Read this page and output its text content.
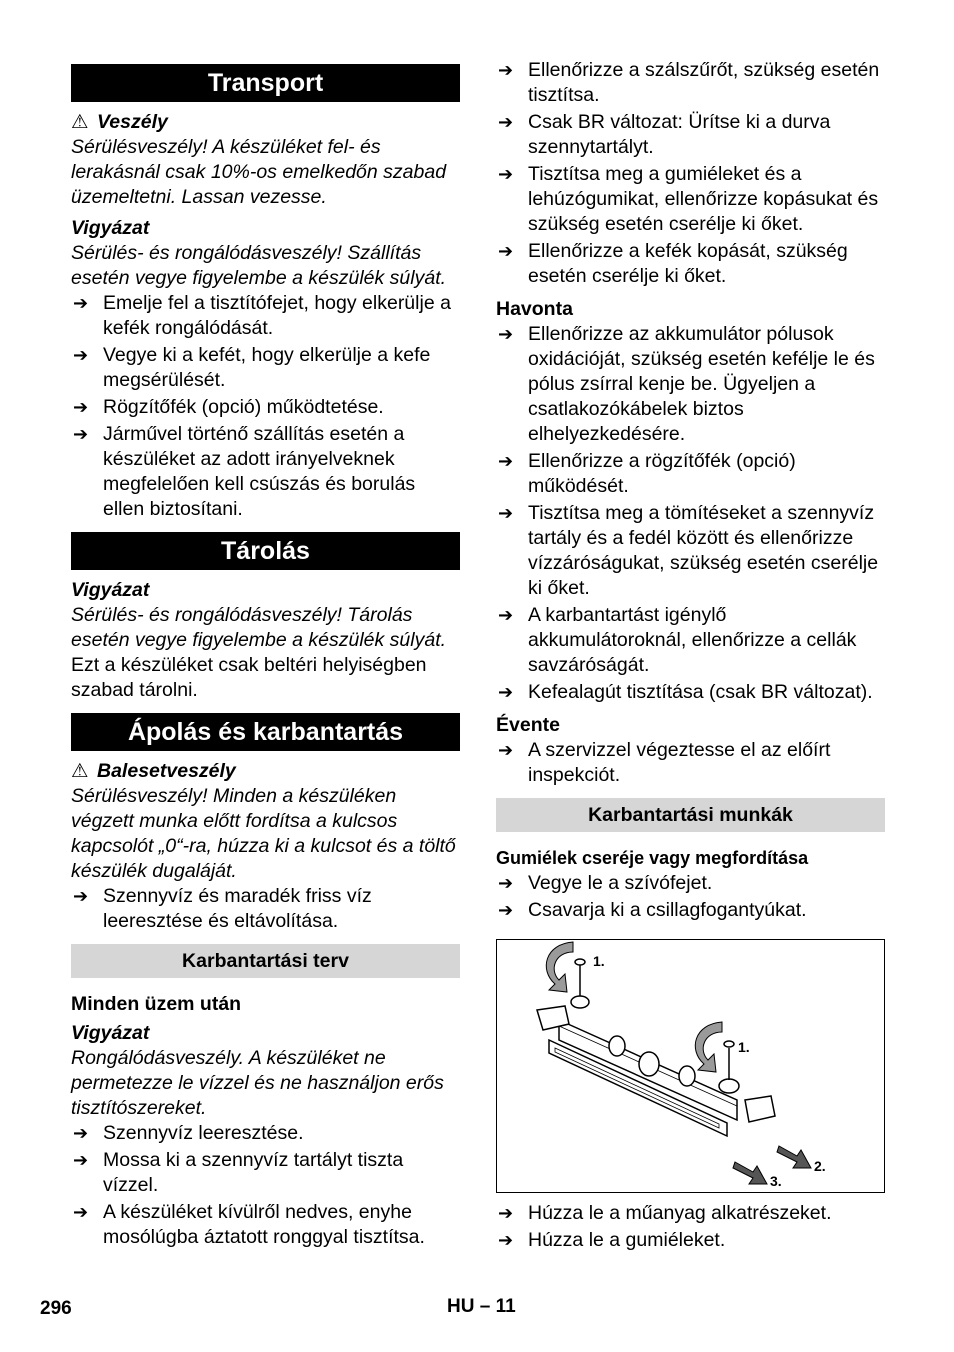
Transport
⚠ Veszély

Sérülésveszély! A készüléket fel- és lerakásnál csak 10%-os emelkedőn szabad üzemeltetni. Lassan vezesse.

Vigyázat

Sérülés- és rongálódásveszély! Szállítás esetén vegye figyelembe a készülék súlyát.

➔ Emelje fel a tisztítófejet, hogy elkerülje a kefék rongálódását.
➔ Vegye ki a kefét, hogy elkerülje a kefe megsérülését.
➔ Rögzítőfék (opció) működtetése.
➔ Járművel történő szállítás esetén a készüléket az adott irányelveknek megfelelően kell csúszás és borulás ellen biztosítani.
Tárolás
Vigyázat

Sérülés- és rongálódásveszély! Tárolás esetén vegye figyelembe a készülék súlyát.

Ezt a készüléket csak beltéri helyiségben szabad tárolni.

Ápolás és karbantartás
⚠ Balesetveszély

Sérülésveszély! Minden a készüléken végzett munka előtt fordítsa a kulcsos kapcsolót „0“-ra, húzza ki a kulcsot és a töltő készülék dugaláját.

➔ Szennyvíz és maradék friss víz leeresztése és eltávolítása.
Karbantartási terv
Minden üzem után
Vigyázat

Rongálódásveszély. A készüléket ne permetezze le vízzel és ne használjon erős tisztítószereket.

➔ Szennyvíz leeresztése.
➔ Mossa ki a szennyvíz tartályt tiszta vízzel.
➔ A készüléket kívülről nedves, enyhe mosólúgba áztatott ronggyal tisztítsa.
➔ Ellenőrizze a szálszűrőt, szükség esetén tisztítsa.
➔ Csak BR változat: Ürítse ki a durva szennytartályt.
➔ Tisztítsa meg a gumiéleket és a lehúzógumikat, ellenőrizze kopásukat és szükség esetén cserélje ki őket.
➔ Ellenőrizze a kefék kopását, szükség esetén cserélje ki őket.
Havonta
➔ Ellenőrizze az akkumulátor pólusok oxidációját, szükség esetén kefélje le és pólus zsírral kenje be. Ügyeljen a csatlakozókábelek biztos elhelyezkedésére.
➔ Ellenőrizze a rögzítőfék (opció) működését.
➔ Tisztítsa meg a tömítéseket a szennyvíz tartály és a fedél között és ellenőrizze vízzáróságukat, szükség esetén cserélje ki őket.
➔ A karbantartást igénylő akkumulátoroknál, ellenőrizze a cellák savzáróságát.
➔ Kefealagút tisztítása (csak BR változat).
Évente
➔ A szervizzel végeztesse el az előírt inspekciót.
Karbantartási munkák
Gumiélek cseréje vagy megfordítása
➔ Vegye le a szívófejet.
➔ Csavarja ki a csillagfogantyúkat.
1.
1.
2.
3.
➔ Húzza le a műanyag alkatrészeket.
➔ Húzza le a gumiéleket.
296	HU – 11
